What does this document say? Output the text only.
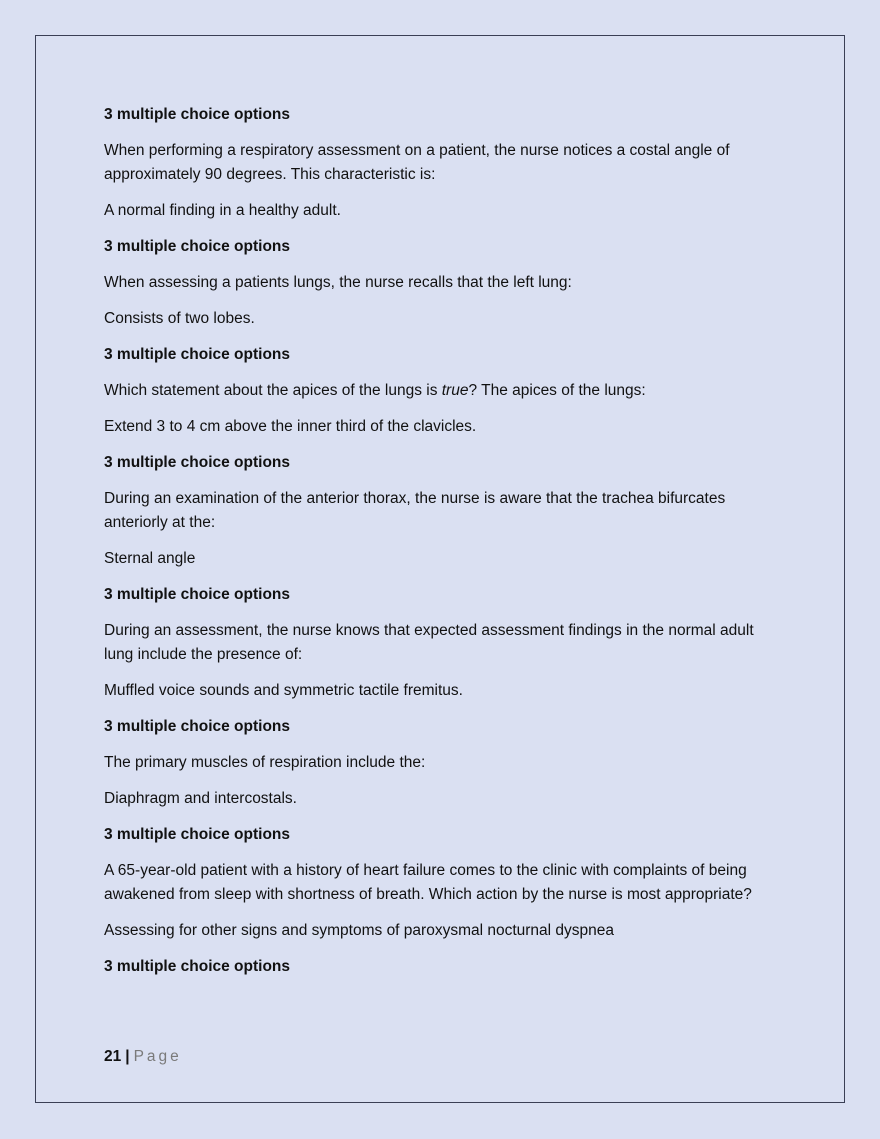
3 multiple choice options
When performing a respiratory assessment on a patient, the nurse notices a costal angle of approximately 90 degrees. This characteristic is:
A normal finding in a healthy adult.
3 multiple choice options
When assessing a patients lungs, the nurse recalls that the left lung:
Consists of two lobes.
3 multiple choice options
Which statement about the apices of the lungs is true? The apices of the lungs:
Extend 3 to 4 cm above the inner third of the clavicles.
3 multiple choice options
During an examination of the anterior thorax, the nurse is aware that the trachea bifurcates anteriorly at the:
Sternal angle
3 multiple choice options
During an assessment, the nurse knows that expected assessment findings in the normal adult lung include the presence of:
Muffled voice sounds and symmetric tactile fremitus.
3 multiple choice options
The primary muscles of respiration include the:
Diaphragm and intercostals.
3 multiple choice options
A 65-year-old patient with a history of heart failure comes to the clinic with complaints of being awakened from sleep with shortness of breath. Which action by the nurse is most appropriate?
Assessing for other signs and symptoms of paroxysmal nocturnal dyspnea
3 multiple choice options
21 | Page
